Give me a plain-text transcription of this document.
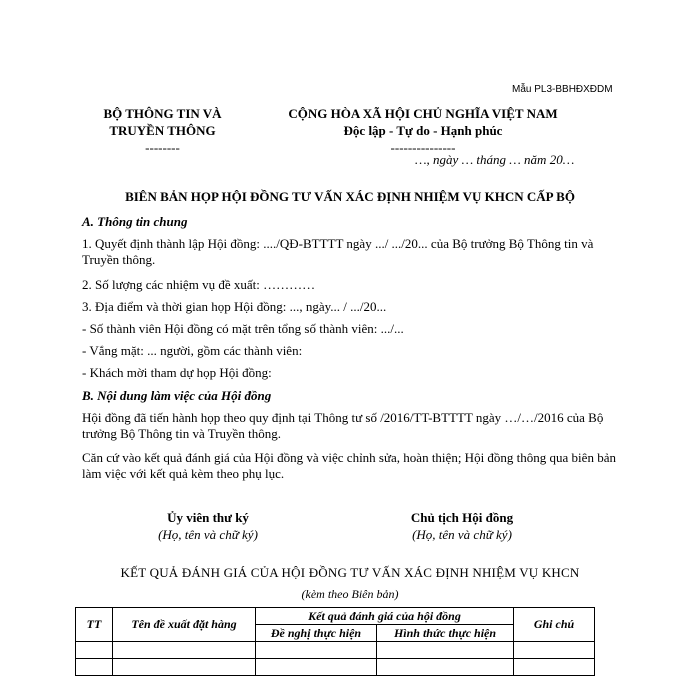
Mẫu PL3-BBHĐXĐDM
BỘ THÔNG TIN VÀ
TRUYỀN THÔNG
--------
CỘNG HÒA XÃ HỘI CHỦ NGHĨA VIỆT NAM
Độc lập - Tự do - Hạnh phúc
---------------
…, ngày … tháng … năm 20…
BIÊN BẢN HỌP HỘI ĐỒNG TƯ VẤN XÁC ĐỊNH NHIỆM VỤ KHCN CẤP BỘ
A. Thông tin chung
1. Quyết định thành lập Hội đồng: ..../QĐ-BTTTT ngày .../ .../20... của Bộ trưởng Bộ Thông tin và Truyền thông.
2. Số lượng các nhiệm vụ đề xuất: …………
3. Địa điểm và thời gian họp Hội đồng: ..., ngày... / .../20...
- Số thành viên Hội đồng có mặt trên tổng số thành viên: .../...
- Vắng mặt: ... người, gồm các thành viên:
- Khách mời tham dự họp Hội đồng:
B. Nội dung làm việc của Hội đồng
Hội đồng đã tiến hành họp theo quy định tại Thông tư số /2016/TT-BTTTT ngày …/…/2016 của Bộ trưởng Bộ Thông tin và Truyền thông.
Căn cứ vào kết quả đánh giá của Hội đồng và việc chỉnh sửa, hoàn thiện; Hội đồng thông qua biên bản làm việc với kết quả kèm theo phụ lục.
Ủy viên thư ký
(Họ, tên và chữ ký)
Chủ tịch Hội đồng
(Họ, tên và chữ ký)
KẾT QUẢ ĐÁNH GIÁ CỦA HỘI ĐỒNG TƯ VẤN XÁC ĐỊNH NHIỆM VỤ KHCN
(kèm theo Biên bản)
TT	Tên đề xuất đặt hàng	Kết quả đánh giá của hội đồng		Ghi chú
		Đề nghị thực hiện	Hình thức thực hiện	
